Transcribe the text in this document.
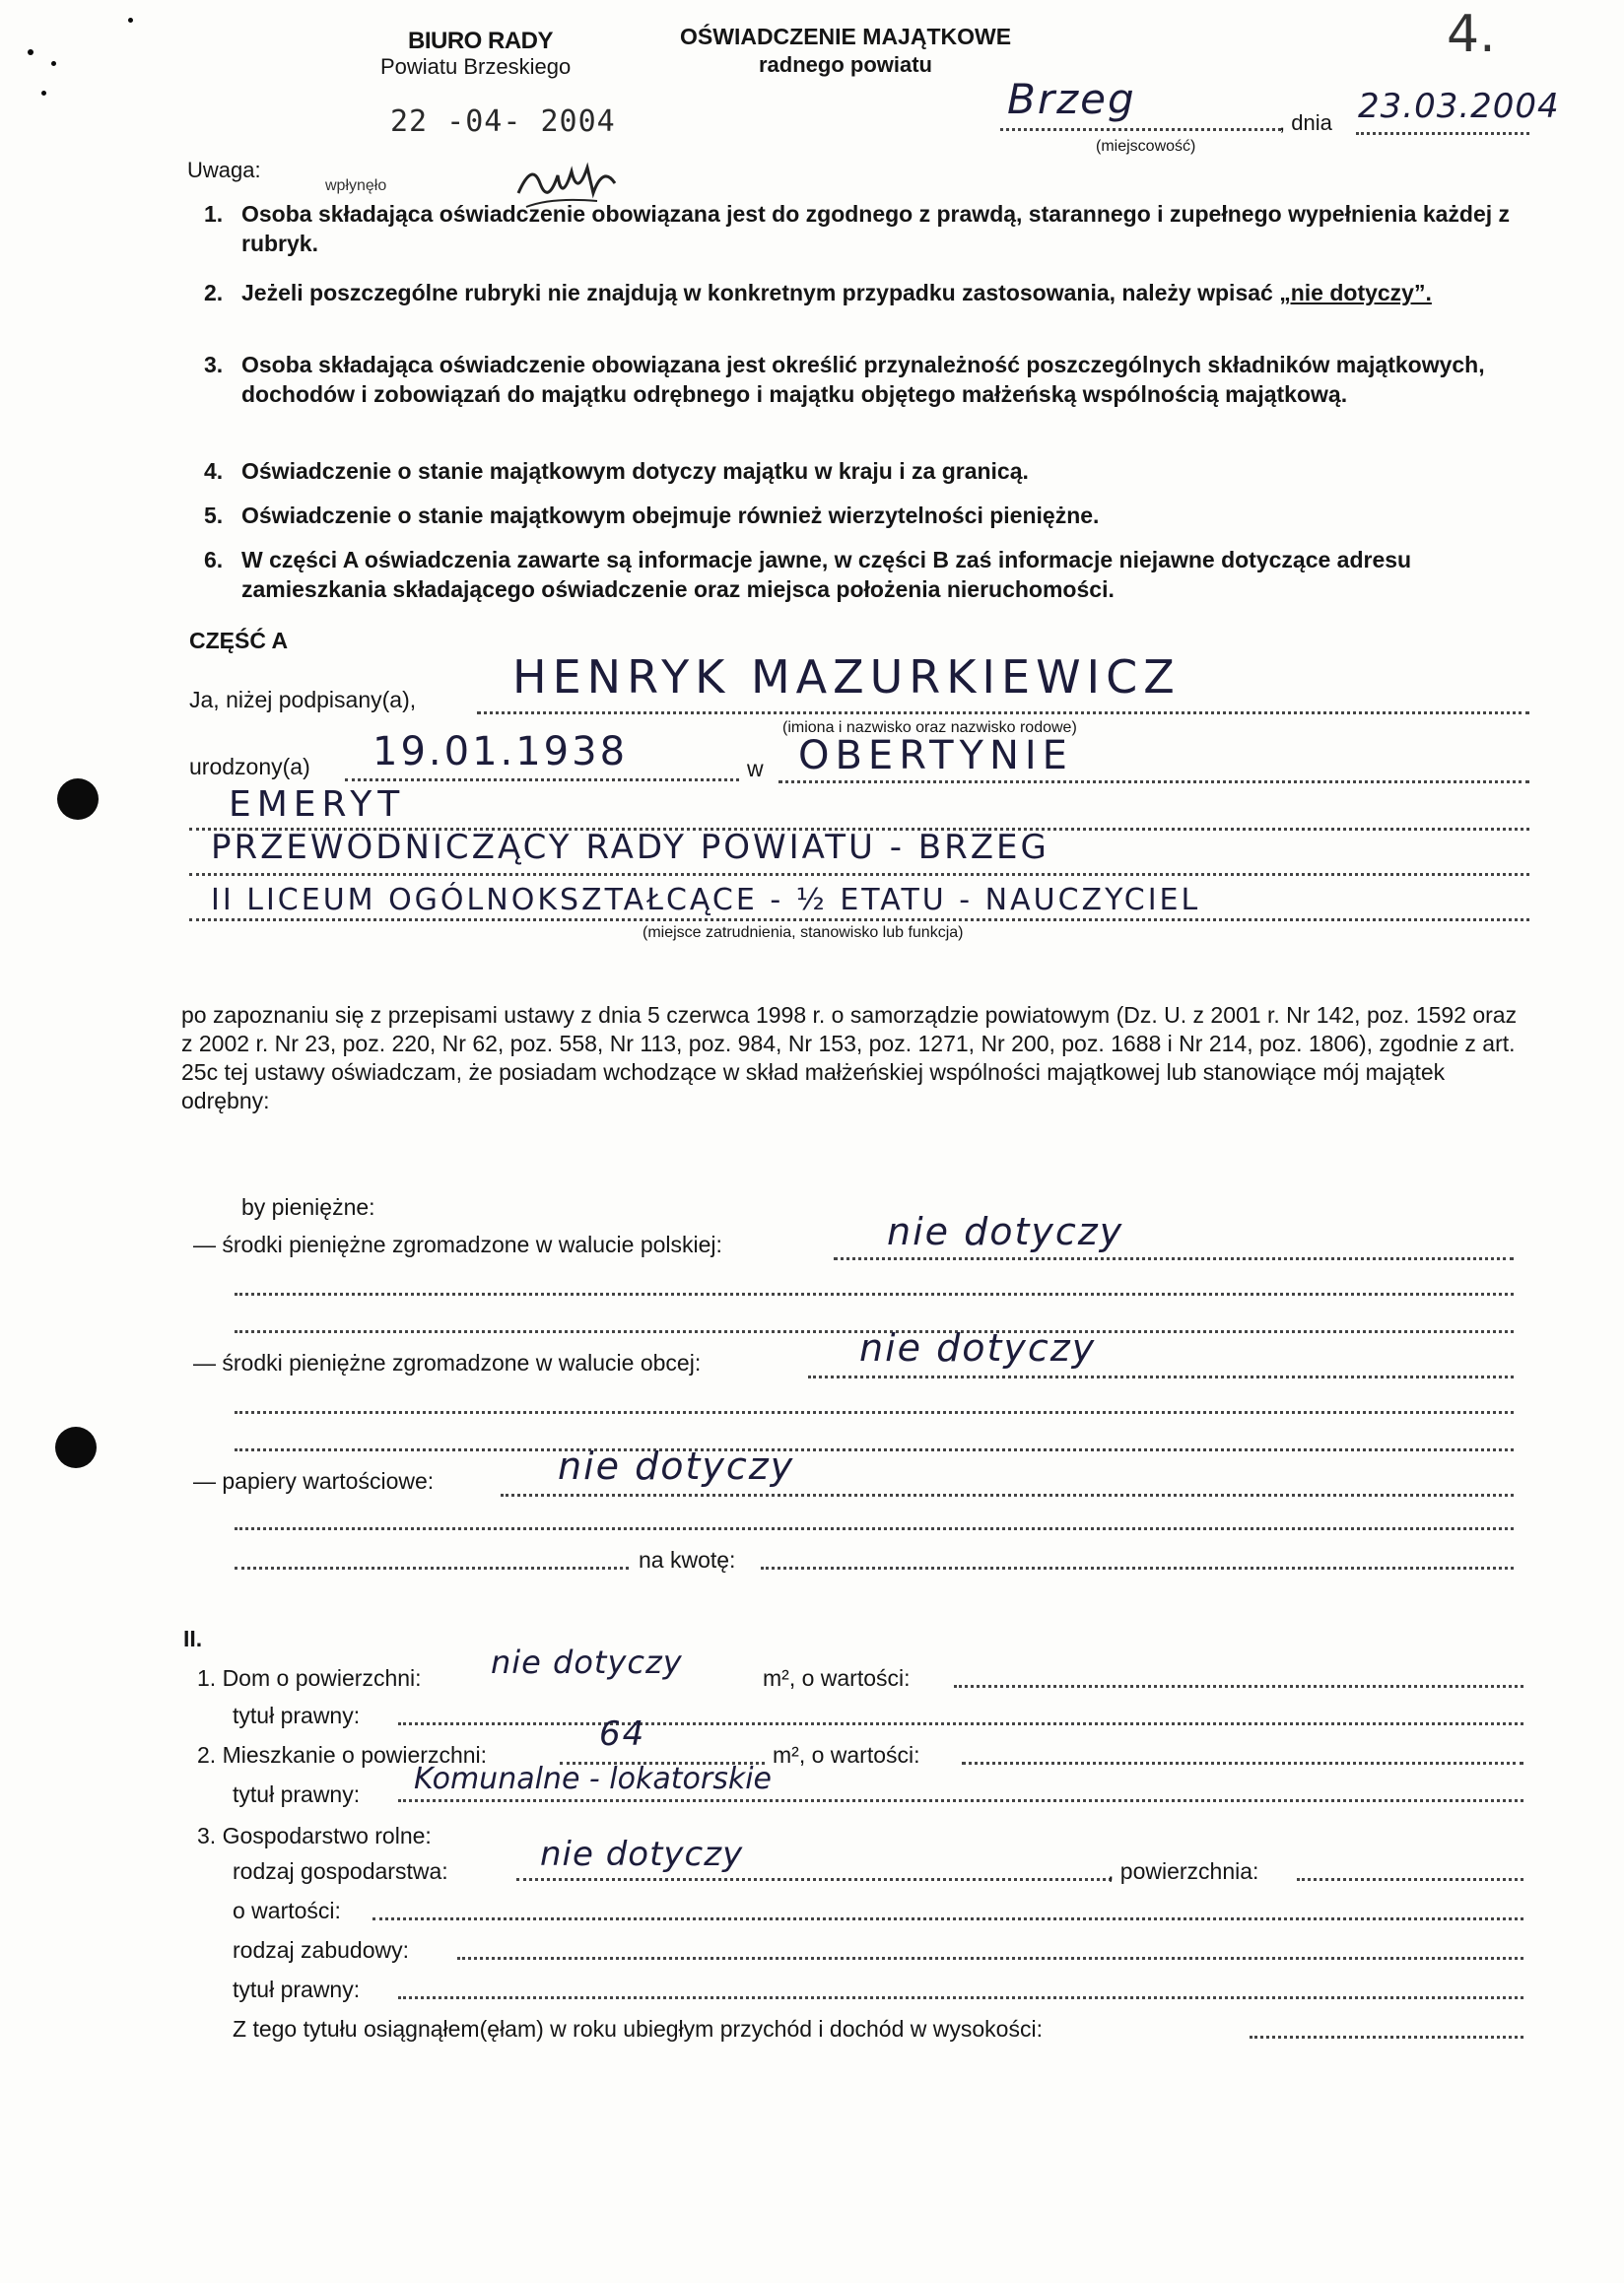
BIURO RADY
Powiatu Brzeskiego
22 -04- 2004
OŚWIADCZENIE MAJĄTKOWE
radnego powiatu
4.
Brzeg	, dnia 23.03.2004
(miejscowość)
Uwaga:
wpłynęło
1. Osoba składająca oświadczenie obowiązana jest do zgodnego z prawdą, starannego i zupełnego wypełnienia każdej z rubryk.
2. Jeżeli poszczególne rubryki nie znajdują w konkretnym przypadku zastosowania, należy wpisać „nie dotyczy”.
3. Osoba składająca oświadczenie obowiązana jest określić przynależność poszczególnych składników majątkowych, dochodów i zobowiązań do majątku odrębnego i majątku objętego małżeńską wspólnością majątkową.
4. Oświadczenie o stanie majątkowym dotyczy majątku w kraju i za granicą.
5. Oświadczenie o stanie majątkowym obejmuje również wierzytelności pieniężne.
6. W części A oświadczenia zawarte są informacje jawne, w części B zaś informacje niejawne dotyczące adresu zamieszkania składającego oświadczenie oraz miejsca położenia nieruchomości.
CZĘŚĆ A
Ja, niżej podpisany(a), HENRYK MAZURKIEWICZ
(imiona i nazwisko oraz nazwisko rodowe)
urodzony(a) 19.01.1938	w OBERTYNIE
EMERYT
PRZEWODNICZĄCY RADY POWIATU - BRZEG
II LICEUM OGÓLNOKSZTAŁCĄCE - ½ ETATU - NAUCZYCIEL
(miejsce zatrudnienia, stanowisko lub funkcja)
po zapoznaniu się z przepisami ustawy z dnia 5 czerwca 1998 r. o samorządzie powiatowym (Dz. U. z 2001 r. Nr 142, poz. 1592 oraz z 2002 r. Nr 23, poz. 220, Nr 62, poz. 558, Nr 113, poz. 984, Nr 153, poz. 1271, Nr 200, poz. 1688 i Nr 214, poz. 1806), zgodnie z art. 25c tej ustawy oświadczam, że posiadam wchodzące w skład małżeńskiej wspólności majątkowej lub stanowiące mój majątek odrębny:
by pieniężne:
— środki pieniężne zgromadzone w walucie polskiej:	nie dotyczy
— środki pieniężne zgromadzone w walucie obcej:	nie dotyczy
— papiery wartościowe:	nie dotyczy
na kwotę:
II.
1. Dom o powierzchni: nie dotyczy	m², o wartości:
tytuł prawny:
2. Mieszkanie o powierzchni:
64
m², o wartości:
tytuł prawny: Komunalne - lokatorskie
3. Gospodarstwo rolne:
rodzaj gospodarstwa:	nie dotyczy	, powierzchnia:
o wartości:
rodzaj zabudowy:
tytuł prawny:
Z tego tytułu osiągnąłem(ęłam) w roku ubiegłym przychód i dochód w wysokości:
